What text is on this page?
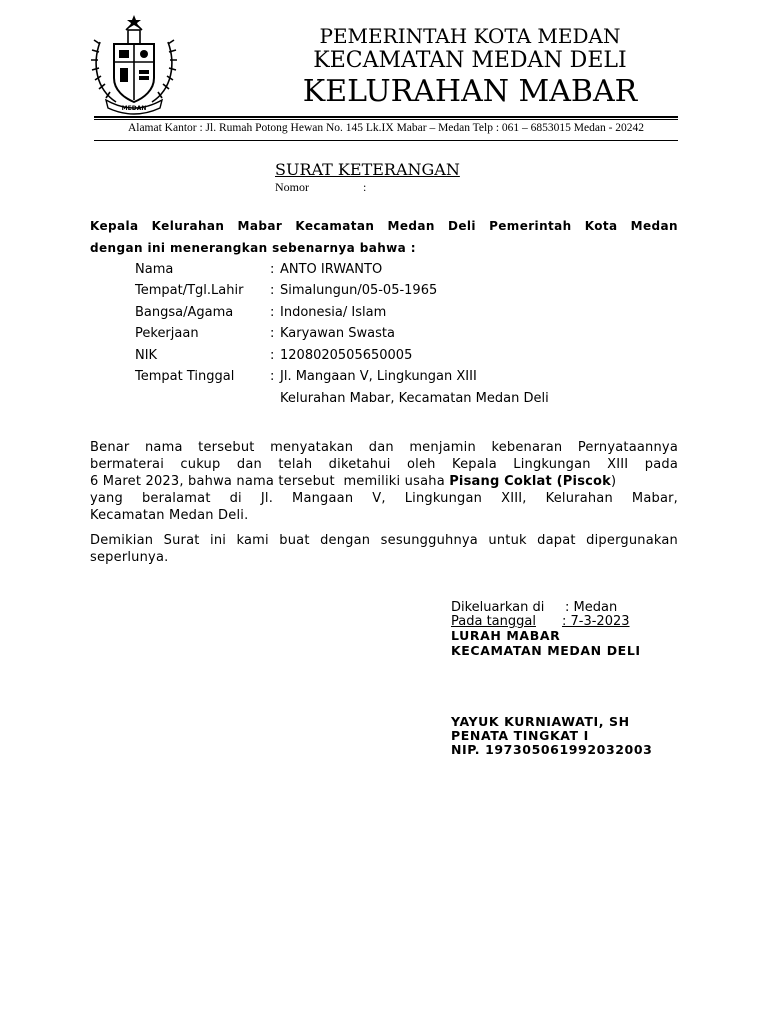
MEDAN
PEMERINTAH KOTA MEDAN
KECAMATAN MEDAN DELI
KELURAHAN MABAR
Alamat Kantor : Jl. Rumah Potong Hewan No. 145 Lk.IX Mabar – Medan Telp : 061 – 6853015 Medan - 20242
SURAT KETERANGAN
Nomor	:
Kepala Kelurahan Mabar Kecamatan Medan Deli Pemerintah Kota Medan
dengan ini menerangkan sebenarnya bahwa :
Nama	: ANTO IRWANTO
Tempat/Tgl.Lahir : Simalungun/05-05-1965
Bangsa/Agama	: Indonesia/ Islam
Pekerjaan	: Karyawan Swasta
NIK	: 1208020505650005
Tempat Tinggal	: Jl. Mangaan V, Lingkungan XIII
Kelurahan Mabar, Kecamatan Medan Deli
Benar nama tersebut menyatakan dan menjamin kebenaran Pernyataannya
bermaterai cukup dan telah diketahui oleh Kepala Lingkungan XIII pada
6 Maret 2023, bahwa nama tersebut  memiliki usaha Pisang Coklat (Piscok)
yang beralamat di Jl. Mangaan V, Lingkungan XIII, Kelurahan Mabar,
Kecamatan Medan Deli.
Demikian Surat ini kami buat dengan sesungguhnya untuk dapat dipergunakan
seperlunya.
Dikeluarkan di : Medan
Pada tanggal	: 7-3-2023
LURAH MABAR
KECAMATAN MEDAN DELI
YAYUK KURNIAWATI, SH
PENATA TINGKAT I
NIP. 197305061992032003
